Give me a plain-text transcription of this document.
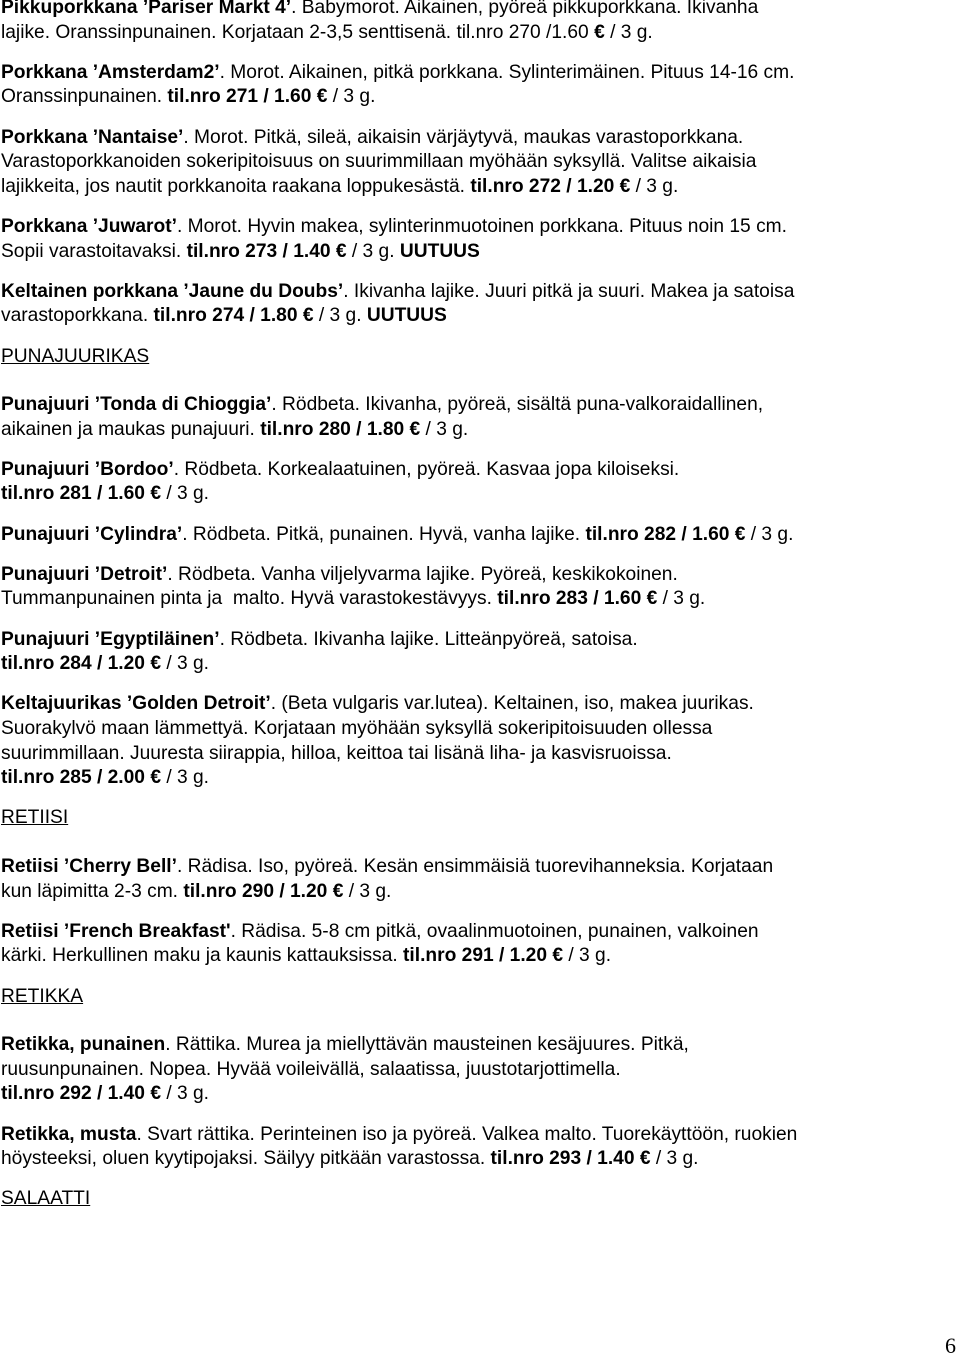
Pikkuporkkana ’Pariser Markt 4’. Babymorot. Aikainen, pyöreä pikkuporkkana. Ikivanha
lajike. Oranssinpunainen. Korjataan 2-3,5 senttisenä. til.nro 270 /1.60 € / 3 g.
Porkkana ’Amsterdam2’. Morot. Aikainen, pitkä porkkana. Sylinterimäinen. Pituus 14-16 cm.
Oranssinpunainen. til.nro 271 / 1.60 € / 3 g.
Porkkana ’Nantaise’. Morot. Pitkä, sileä, aikaisin värjäytyvä, maukas varastoporkkana.
Varastoporkkanoiden sokeripitoisuus on suurimmillaan myöhään syksyllä. Valitse aikaisia
lajikkeita, jos nautit porkkanoita raakana loppukesästä. til.nro 272 / 1.20 € / 3 g.
Porkkana ’Juwarot’. Morot. Hyvin makea, sylinterinmuotoinen porkkana. Pituus noin 15 cm.
Sopii varastoitavaksi. til.nro 273 / 1.40 € / 3 g. UUTUUS
Keltainen porkkana ’Jaune du Doubs’. Ikivanha lajike. Juuri pitkä ja suuri. Makea ja satoisa
varastoporkkana. til.nro 274 / 1.80 € / 3 g. UUTUUS
PUNAJUURIKAS
Punajuuri ’Tonda di Chioggia’. Rödbeta. Ikivanha, pyöreä, sisältä puna-valkoraidallinen,
aikainen ja maukas punajuuri. til.nro 280 / 1.80 € / 3 g.
Punajuuri ’Bordoo’. Rödbeta. Korkealaatuinen, pyöreä. Kasvaa jopa kiloiseksi.
til.nro 281 / 1.60 € / 3 g.
Punajuuri ’Cylindra’. Rödbeta. Pitkä, punainen. Hyvä, vanha lajike. til.nro 282 / 1.60 € / 3 g.
Punajuuri ’Detroit’. Rödbeta. Vanha viljelyvarma lajike. Pyöreä, keskikokoinen.
Tummanpunainen pinta ja  malto. Hyvä varastokestävyys. til.nro 283 / 1.60 € / 3 g.
Punajuuri ’Egyptiläinen’. Rödbeta. Ikivanha lajike. Litteänpyöreä, satoisa.
til.nro 284 / 1.20 € / 3 g.
Keltajuurikas ’Golden Detroit’. (Beta vulgaris var.lutea). Keltainen, iso, makea juurikas.
Suorakylvö maan lämmettyä. Korjataan myöhään syksyllä sokeripitoisuuden ollessa
suurimmillaan. Juuresta siirappia, hilloa, keittoa tai lisänä liha- ja kasvisruoissa.
til.nro 285 / 2.00 € / 3 g.
RETIISI
Retiisi ’Cherry Bell’. Rädisa. Iso, pyöreä. Kesän ensimmäisiä tuorevihanneksia. Korjataan
kun läpimitta 2-3 cm. til.nro 290 / 1.20 € / 3 g.
Retiisi ’French Breakfast'. Rädisa. 5-8 cm pitkä, ovaalinmuotoinen, punainen, valkoinen
kärki. Herkullinen maku ja kaunis kattauksissa. til.nro 291 / 1.20 € / 3 g.
RETIKKA
Retikka, punainen. Rättika. Murea ja miellyttävän mausteinen kesäjuures. Pitkä,
ruusunpunainen. Nopea. Hyvää voileivällä, salaatissa, juustotarjottimella.
til.nro 292 / 1.40 € / 3 g.
Retikka, musta. Svart rättika. Perinteinen iso ja pyöreä. Valkea malto. Tuorekäyttöön, ruokien
höysteeksi, oluen kyytipojaksi. Säilyy pitkään varastossa. til.nro 293 / 1.40 € / 3 g.
SALAATTI
6
